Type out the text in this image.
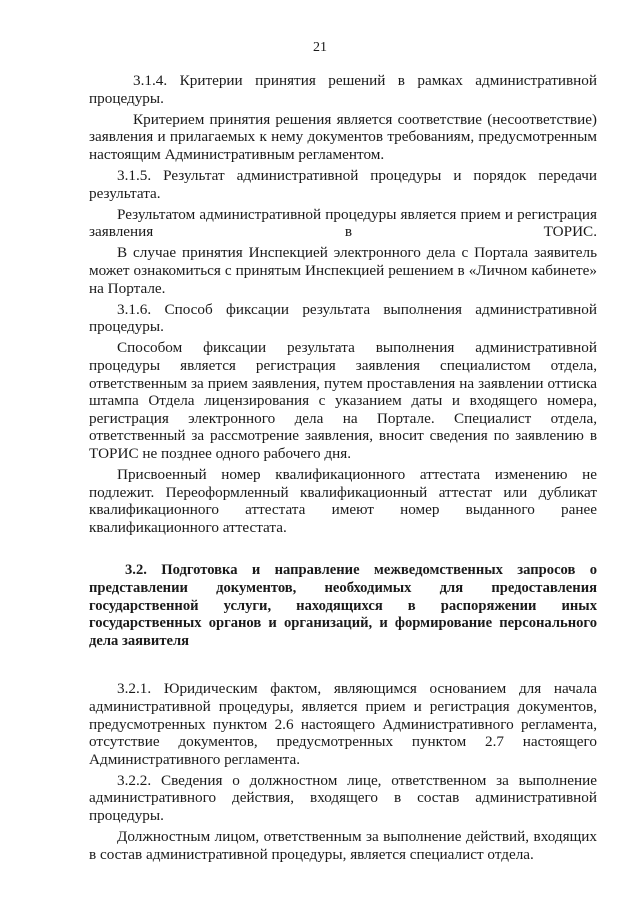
21

3.1.4. Критерии принятия решений в рамках административной процедуры.

Критерием принятия решения является соответствие (несоответствие) заявления и прилагаемых к нему документов требованиям, предусмотренным настоящим Административным регламентом.

3.1.5. Результат административной процедуры и порядок передачи результата.

Результатом административной процедуры является прием и регистрация заявления в ТОРИС.

В случае принятия Инспекцией электронного дела с Портала заявитель может ознакомиться с принятым Инспекцией решением в «Личном кабинете» на Портале.

3.1.6. Способ фиксации результата выполнения административной процедуры.

Способом фиксации результата выполнения административной процедуры является регистрация заявления специалистом отдела, ответственным за прием заявления, путем проставления на заявлении оттиска штампа Отдела лицензирования с указанием даты и входящего номера, регистрация электронного дела на Портале. Специалист отдела, ответственный за рассмотрение заявления, вносит сведения по заявлению в ТОРИС не позднее одного рабочего дня.

Присвоенный номер квалификационного аттестата изменению не подлежит. Переоформленный квалификационный аттестат или дубликат квалификационного аттестата имеют номер выданного ранее квалификационного аттестата.

3.2. Подготовка и направление межведомственных запросов о представлении документов, необходимых для предоставления государственной услуги, находящихся в распоряжении иных государственных органов и организаций, и формирование персонального дела заявителя

3.2.1. Юридическим фактом, являющимся основанием для начала административной процедуры, является прием и регистрация документов, предусмотренных пунктом 2.6 настоящего Административного регламента, отсутствие документов, предусмотренных пунктом 2.7 настоящего Административного регламента.

3.2.2. Сведения о должностном лице, ответственном за выполнение административного действия, входящего в состав административной процедуры.

Должностным лицом, ответственным за выполнение действий, входящих в состав административной процедуры, является специалист отдела.
